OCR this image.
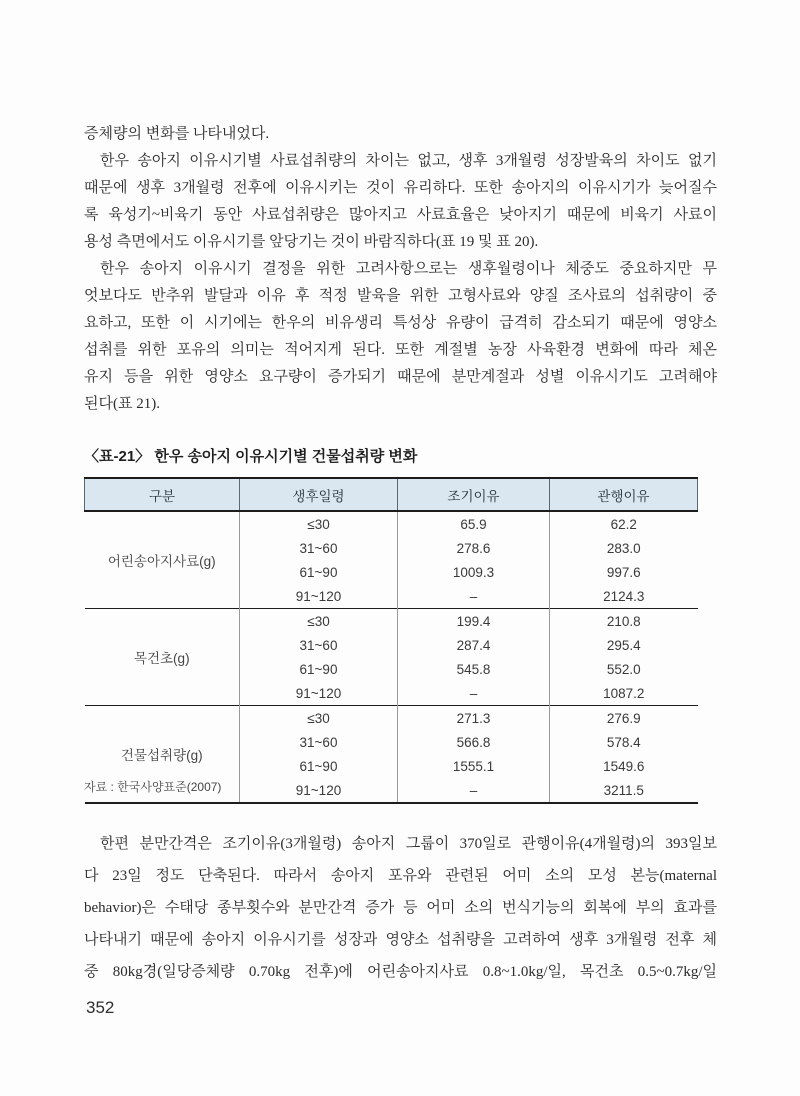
증체량의 변화를 나타내었다.
한우 송아지 이유시기별 사료섭취량의 차이는 없고, 생후 3개월령 성장발육의 차이도 없기
때문에 생후 3개월령 전후에 이유시키는 것이 유리하다. 또한 송아지의 이유시기가 늦어질수
록 육성기~비육기 동안 사료섭취량은 많아지고 사료효율은 낮아지기 때문에 비육기 사료이
용성 측면에서도 이유시기를 앞당기는 것이 바람직하다(표 19 및 표 20).
한우 송아지 이유시기 결정을 위한 고려사항으로는 생후월령이나 체중도 중요하지만 무
엇보다도 반추위 발달과 이유 후 적정 발육을 위한 고형사료와 양질 조사료의 섭취량이 중
요하고, 또한 이 시기에는 한우의 비유생리 특성상 유량이 급격히 감소되기 때문에 영양소
섭취를 위한 포유의 의미는 적어지게 된다. 또한 계절별 농장 사육환경 변화에 따라 체온
유지 등을 위한 영양소 요구량이 증가되기 때문에 분만계절과 성별 이유시기도 고려해야
된다(표 21).
〈표-21〉 한우 송아지 이유시기별 건물섭취량 변화
구분	생후일령	조기이유	관행이유
어린송아지사료(g)	≤30	65.9	62.2
	31~60	278.6	283.0
	61~90	1009.3	997.6
	91~120	–	2124.3
목건초(g)	≤30	199.4	210.8
	31~60	287.4	295.4
	61~90	545.8	552.0
	91~120	–	1087.2
건물섭취량(g)	≤30	271.3	276.9
	31~60	566.8	578.4
	61~90	1555.1	1549.6
	91~120	–	3211.5
자료 : 한국사양표준(2007)
한편 분만간격은 조기이유(3개월령) 송아지 그룹이 370일로 관행이유(4개월령)의 393일보
다 23일 정도 단축된다. 따라서 송아지 포유와 관련된 어미 소의 모성 본능(maternal
behavior)은 수태당 종부횟수와 분만간격 증가 등 어미 소의 번식기능의 회복에 부의 효과를
나타내기 때문에 송아지 이유시기를 성장과 영양소 섭취량을 고려하여 생후 3개월령 전후 체
중 80kg경(일당증체량 0.70kg 전후)에 어린송아지사료 0.8~1.0kg/일, 목건초 0.5~0.7kg/일
352
